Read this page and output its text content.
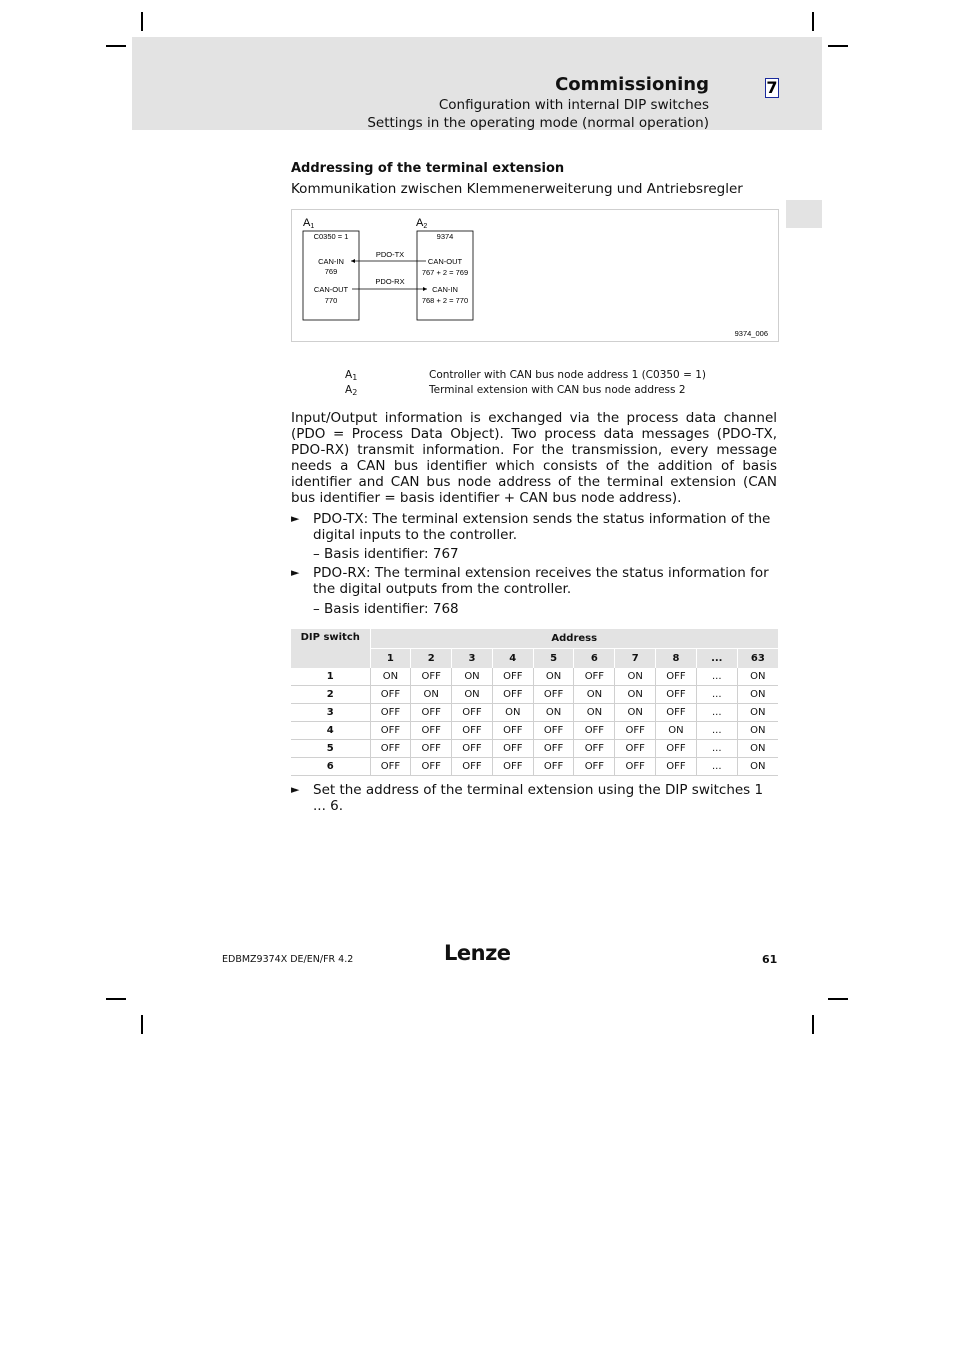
Commissioning
Configuration with internal DIP switches
Settings in the operating mode (normal operation)
7
Addressing of the terminal extension
Kommunikation zwischen Klemmenerweiterung und Antriebsregler
A1	A2
C0350 = 1	9374
CAN-IN
769
CAN-OUT
770
CAN-OUT
767 + 2 = 769
CAN-IN
768 + 2 = 770
PDO-TX
PDO-RX
9374_006
$A_1$	Controller with CAN bus node address 1 (C0350 = 1)
$A_2$	Terminal extension with CAN bus node address 2
Input/Output information is exchanged via the process data channel (PDO = Process Data Object). Two process data messages (PDO-TX, PDO-RX) transmit information. For the transmission, every message needs a CAN bus identifier which consists of the addition of basis identifier and CAN bus node address of the terminal extension (CAN bus identifier = basis identifier + CAN bus node address).
► PDO-TX: The terminal extension sends the status information of the digital inputs to the controller.
– Basis identifier: 767
► PDO-RX: The terminal extension receives the status information for the digital outputs from the controller.
– Basis identifier: 768
DIP switch	Address									
	1	2	3	4	5	6	7	8	...	63
1	ON	OFF	ON	OFF	ON	OFF	ON	OFF	...	ON
2	OFF	ON	ON	OFF	OFF	ON	ON	OFF	...	ON
3	OFF	OFF	OFF	ON	ON	ON	ON	OFF	...	ON
4	OFF	OFF	OFF	OFF	OFF	OFF	OFF	ON	...	ON
5	OFF	OFF	OFF	OFF	OFF	OFF	OFF	OFF	...	ON
6	OFF	OFF	OFF	OFF	OFF	OFF	OFF	OFF	...	ON
► Set the address of the terminal extension using the DIP switches 1 ... 6.
EDBMZ9374X DE/EN/FR 4.2	Lenze	61
